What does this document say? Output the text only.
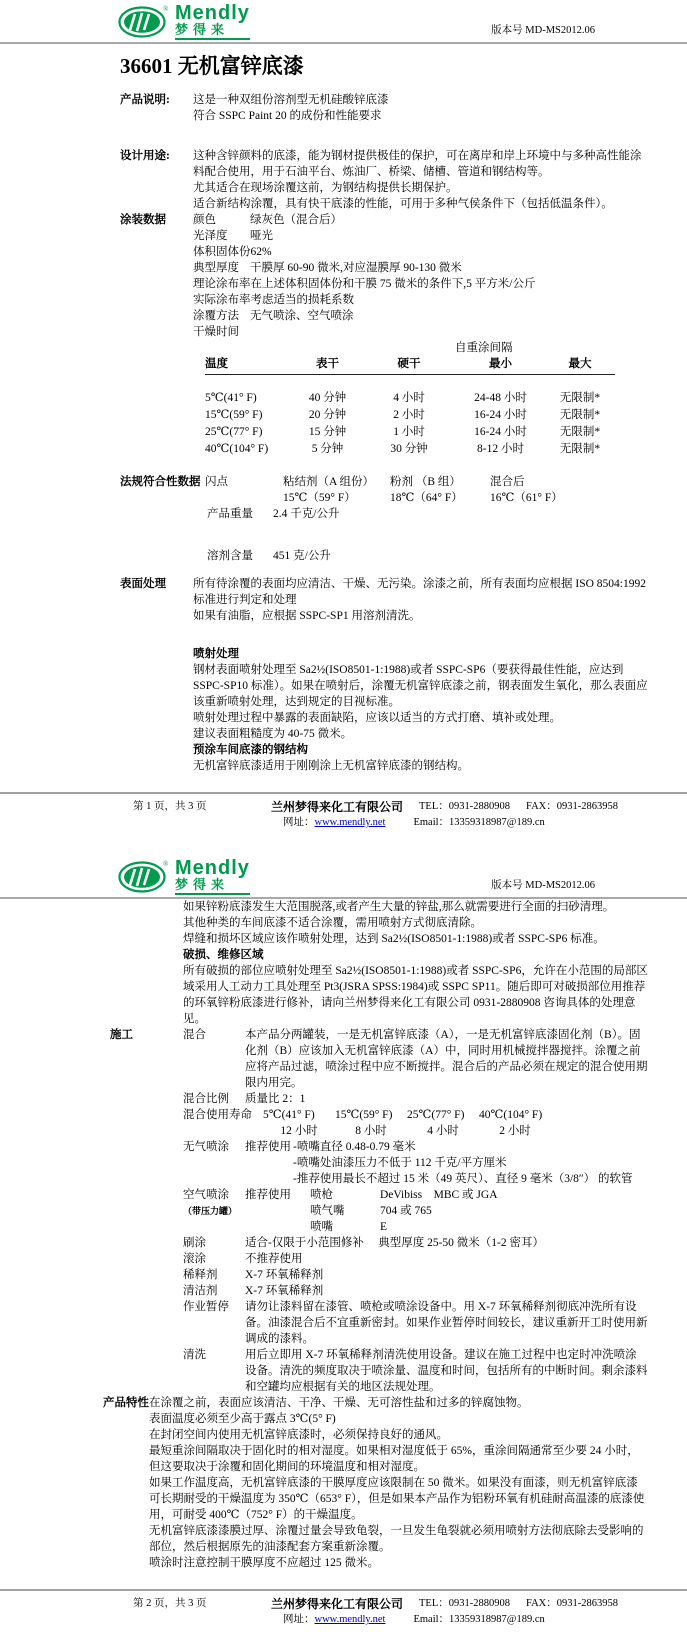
® Mendly
梦得来	版本号 MD-MS2012.06
36601 无机富锌底漆
产品说明:	这是一种双组份溶剂型无机硅酸锌底漆
符合 SSPC Paint 20 的成份和性能要求
设计用途:	这种含锌颜料的底漆，能为钢材提供极佳的保护，可在离岸和岸上环境中与多种高性能涂料配合使用，用于石油平台、炼油厂、桥梁、储槽、管道和钢结构等。
尤其适合在现场涂覆这前，为钢结构提供长期保护。
适合新结构涂覆，具有快干底漆的性能，可用于多种气侯条件下（包括低温条件）。
涂装数据	颜色	绿灰色（混合后）
光泽度	哑光
体积固体份 62%
典型厚度 干膜厚 60-90 微米,对应湿膜厚 90-130 微米
理论涂布率 在上述体积固体份和干膜 75 微米的条件下,5 平方米/公斤
实际涂布率 考虑适当的损耗系数
涂覆方法 无气喷涂、空气喷涂
干燥时间
自重涂间隔
温度	表干	硬干	最小	最大
5℃(41° F)	40 分钟	4 小时	24-48 小时	无限制*
15℃(59° F)	20 分钟	2 小时	16-24 小时	无限制*
25℃(77° F)	15 分钟	1 小时	16-24 小时	无限制*
40℃(104° F)	5 分钟	30 分钟	8-12 小时	无限制*
法规符合性数据 闪点	粘结剂（A 组份）	粉剂 （B 组）	混合后
15℃（59° F）	18℃（64° F）	16℃（61° F）
产品重量	2.4 千克/公升
溶剂含量	451 克/公升
表面处理	所有待涂覆的表面均应清洁、干燥、无污染。涂漆之前，所有表面均应根据 ISO 8504:1992 标准进行判定和处理
如果有油脂，应根据 SSPC-SP1 用溶剂清洗。
喷射处理
钢材表面喷射处理至 Sa2½(ISO8501-1:1988)或者 SSPC-SP6（要获得最佳性能，应达到 SSPC-SP10 标准）。如果在喷射后，涂覆无机富锌底漆之前，钢表面发生氧化，那么表面应该重新喷射处理，达到规定的目视标准。
喷射处理过程中暴露的表面缺陷，应该以适当的方式打磨、填补或处理。
建议表面粗糙度为 40-75 微米。
预涂车间底漆的钢结构
无机富锌底漆适用于刚刚涂上无机富锌底漆的钢结构。
第 1 页，共 3 页	兰州梦得来化工有限公司 TEL：0931-2880908 FAX：0931-2863958
网址：www.mendly.net	Email：13359318987@189.cn
® Mendly
梦得来	版本号 MD-MS2012.06
如果锌粉底漆发生大范围脱落,或者产生大量的锌盐,那么就需要进行全面的扫砂清理。
其他种类的车间底漆不适合涂覆，需用喷射方式彻底清除。
焊缝和损坏区域应该作喷射处理，达到 Sa2½(ISO8501-1:1988)或者 SSPC-SP6 标准。
破损、维修区域
所有破损的部位应喷射处理至 Sa2½(ISO8501-1:1988)或者 SSPC-SP6，允许在小范围的局部区域采用人工动力工具处理至 Pt3(JSRA SPSS:1984)或 SSPC SP11。随后即可对破损部位用推荐的环氧锌粉底漆进行修补，请向兰州梦得来化工有限公司 0931-2880908 咨询具体的处理意见。
施工	混合	本产品分两罐装，一是无机富锌底漆（A），一是无机富锌底漆固化剂（B）。固化剂（B）应该加入无机富锌底漆（A）中，同时用机械搅拌器搅拌。涂覆之前应将产品过滤，喷涂过程中应不断搅拌。混合后的产品必须在规定的混合使用期 限内用完。
混合比例	质量比 2：1
混合使用寿命 5℃(41° F)	15℃(59° F)	25℃(77° F)	40℃(104° F)
12 小时	8 小时	4 小时	2 小时
无气喷涂	推荐使用 -喷嘴直径 0.48-0.79 毫米
-喷嘴处油漆压力不低于 112 千克/平方厘米
-推荐使用最长不超过 15 米（49 英尺）、直径 9 毫米（3/8″） 的软管
空气喷涂
（带压力罐）
推荐使用 喷枪	DeVibiss　MBC 或 JGA
喷气嘴	704 或 765
喷嘴	E
刷涂	适合-仅限于小范围修补　 典型厚度 25-50 微米（1-2 密耳）
滚涂	不推荐使用
稀释剂	X-7 环氧稀释剂
清洁剂	X-7 环氧稀释剂
作业暂停	请勿让漆料留在漆管、喷枪或喷涂设备中。用 X-7 环氧稀释剂彻底冲洗所有设备。油漆混合后不宜重新密封。如果作业暂停时间较长，建议重新开工时使用新调成的漆料。
清洗	用后立即用 X-7 环氧稀释剂清洗使用设备。建议在施工过程中也定时冲洗喷涂设备。清洗的频度取决于喷涂量、温度和时间，包括所有的中断时间。剩余漆料和空罐均应根据有关的地区法规处理。
产品特性 在涂覆之前，表面应该清洁、干净、干燥、无可溶性盐和过多的锌腐蚀物。
表面温度必须至少高于露点 3℃(5° F)
在封闭空间内使用无机富锌底漆时，必须保持良好的通风。
最短重涂间隔取决于固化时的相对湿度。如果相对湿度低于 65%，重涂间隔通常至少要 24 小时，但这要取决于涂覆和固化期间的环境温度和相对湿度。
如果工作温度高，无机富锌底漆的干膜厚度应该限制在 50 微米。如果没有面漆，则无机富锌底漆可长期耐受的干燥温度为 350℃（653° F），但是如果本产品作为铝粉环氧有机硅耐高温漆的底漆使用，可耐受 400℃（752° F）的干燥温度。
无机富锌底漆漆膜过厚、涂覆过量会导致龟裂，一旦发生龟裂就必须用喷射方法彻底除去受影响的部位，然后根据原先的油漆配套方案重新涂覆。
喷涂时注意控制干膜厚度不应超过 125 微米。
第 2 页，共 3 页	兰州梦得来化工有限公司 TEL：0931-2880908 FAX：0931-2863958
网址：www.mendly.net	Email：13359318987@189.cn
